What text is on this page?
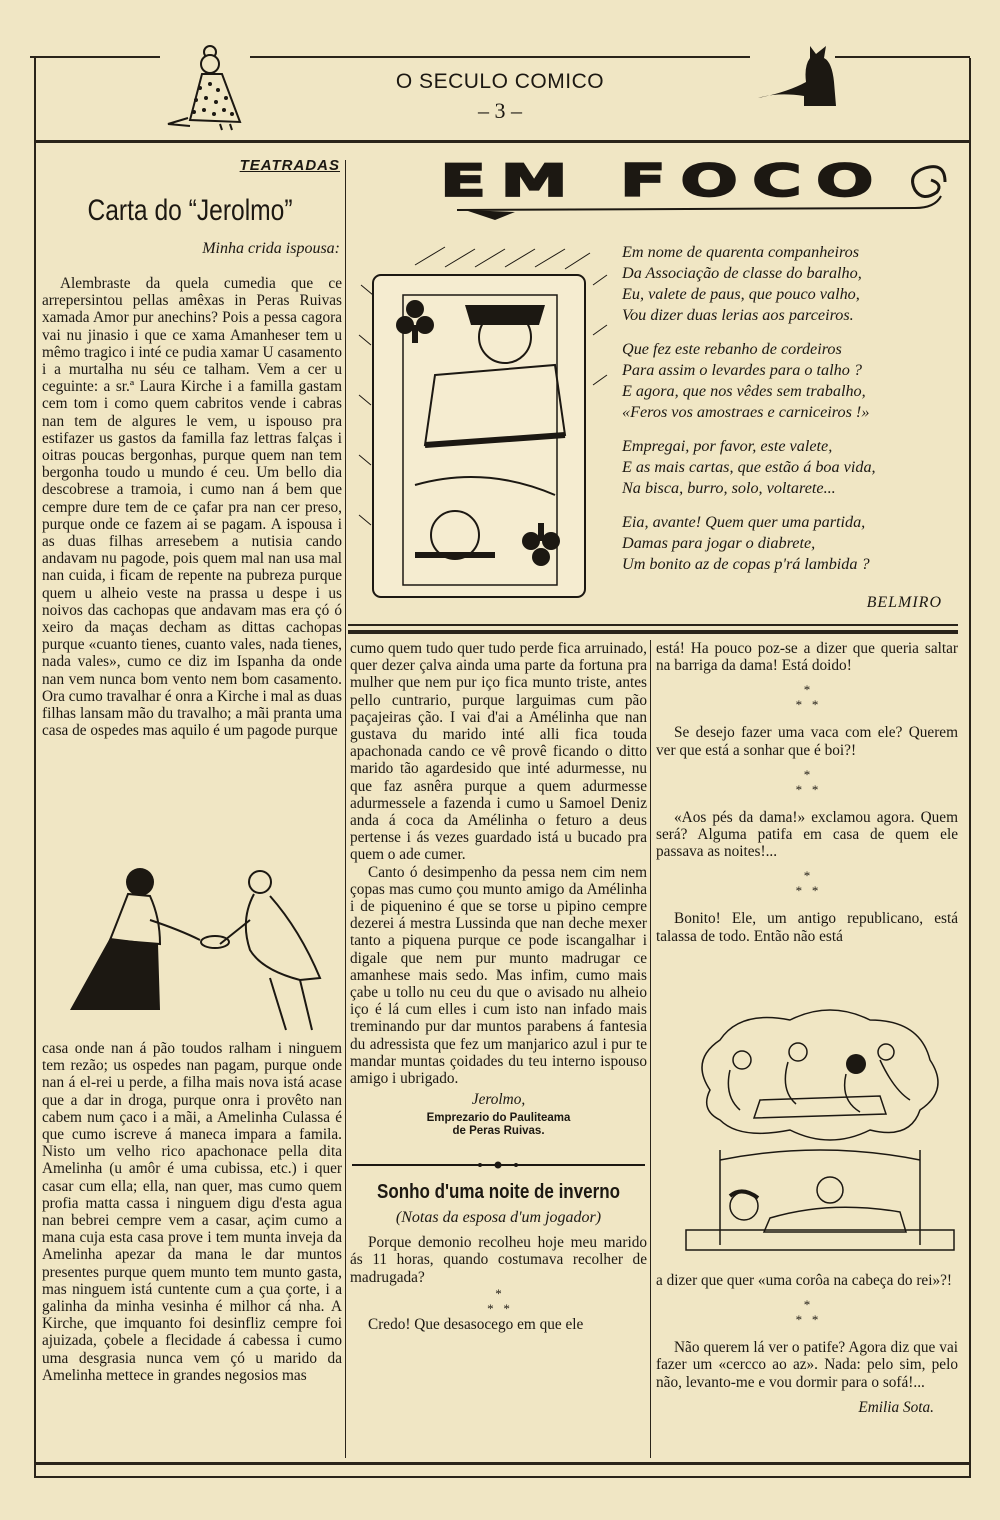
O SECULO COMICO
– 3 –
TEATRADAS
Carta do “Jerolmo”
Minha crida ispousa:

Alembraste da quela cumedia que ce arrepersintou pellas amêxas in Peras Ruivas xamada Amor pur anechins? Pois a pessa cagora vai nu jinasio i que ce xama Amanheser tem u mêmo tragico i inté ce pudia xamar U casamento i a murtalha nu séu ce talham. Vem a cer u ceguinte: a sr.ª Laura Kirche i a familla gastam cem tom i como quem cabritos vende i cabras nan tem de algures le vem, u ispouso pra estifazer us gastos da familla faz lettras falças i oitras poucas bergonhas, purque quem nan tem bergonha toudo u mundo é ceu. Um bello dia descobrese a tramoia, i cumo nan á bem que cempre dure tem de ce çafar pra nan cer preso, purque onde ce fazem ai se pagam. A ispousa i as duas filhas arresebem a nutisia cando andavam nu pagode, pois quem mal nan usa mal nan cuida, i ficam de repente na pubreza purque quem u alheio veste na prassa u despe i us noivos das cachopas que andavam mas era çó ó xeiro da maças decham as dittas cachopas purque «cuanto tienes, cuanto vales, nada tienes, nada vales», cumo ce diz im Ispanha da onde nan vem nunca bom vento nem bom casamento. Ora cumo travalhar é onra a Kirche i mal as duas filhas lansam mão du travalho; a mãi pranta uma casa de ospedes mas aquilo é um pagode purque

casa onde nan á pão toudos ralham i ninguem tem rezão; us ospedes nan pagam, purque onde nan á el-rei u perde, a filha mais nova istá acase que a dar in droga, purque onra i provêto nan cabem num çaco i a mãi, a Amelinha Culassa é que cumo iscreve á maneca impara a famila. Nisto um velho rico apachonace pella dita Amelinha (u amôr é uma cubissa, etc.) i quer casar cum ella; ella, nan quer, mas cumo quem profia matta cassa i ninguem digu d'esta agua nan bebrei cempre vem a casar, açim cumo a mana cuja esta casa prove i tem munta inveja da Amelinha apezar da mana le dar muntos presentes purque quem munto tem munto gasta, mas ninguem istá cuntente cum a çua çorte, i a galinha da minha vesinha é milhor cá nha. A Kirche, que imquanto foi desinfliz cempre foi ajuizada, çobele a flecidade á cabessa i cumo uma desgrasia nunca vem çó u marido da Amelinha mettece in grandes negosios mas

EM FOCO
Em nome de quarenta companheiros
Da Associação de classe do baralho,
Eu, valete de paus, que pouco valho,
Vou dizer duas lerias aos parceiros.
Que fez este rebanho de cordeiros
Para assim o levardes para o talho ?
E agora, que nos vêdes sem trabalho,
«Feros vos amostraes e carniceiros !»
Empregai, por favor, este valete,
E as mais cartas, que estão á boa vida,
Na bisca, burro, solo, voltarete...
Eia, avante! Quem quer uma partida,
Damas para jogar o diabrete,
Um bonito az de copas p'rá lambida ?
BELMIRO

cumo quem tudo quer tudo perde fica arruinado, quer dezer çalva ainda uma parte da fortuna pra mulher que nem pur iço fica munto triste, antes pello cuntrario, purque larguimas cum pão paçajeiras ção. I vai d'ai a Amélinha que nan gustava du marido inté alli fica touda apachonada cando ce vê provê ficando o ditto marido tão agardesido que inté adurmesse, nu que faz asnêra purque a quem adurmesse adurmessele a fazenda i cumo u Samoel Deniz anda á coca da Amélinha o feturo a deus pertense i ás vezes guardado istá u bucado pra quem o ade cumer.

Canto ó desimpenho da pessa nem cim nem çopas mas cumo çou munto amigo da Amélinha i de piquenino é que se torse u pipino cempre dezerei á mestra Lussinda que nan deche mexer tanto a piquena purque ce pode iscangalhar i digale que nem pur munto madrugar ce amanhese mais sedo. Mas infim, cumo mais çabe u tollo nu ceu du que o avisado nu alheio iço é lá cum elles i cum isto nan infado mais treminando pur dar muntos parabens á fantesia du adressista que fez um manjarico azul i pur te mandar muntas çoidades du teu interno ispouso amigo i ubrigado.

Jerolmo,
Emprezario do Pauliteama
de Peras Ruivas.
Sonho d'uma noite de inverno
(Notas da esposa d'um jogador)

Porque demonio recolheu hoje meu marido ás 11 horas, quando costumava recolher de madrugada?

*
*   *

Credo! Que desasocego em que ele

está! Ha pouco poz-se a dizer que queria saltar na barriga da dama! Está doido!

*
*   *

Se desejo fazer uma vaca com ele? Querem ver que está a sonhar que é boi?!

*
*   *

«Aos pés da dama!» exclamou agora. Quem será? Alguma patifa em casa de quem ele passava as noites!...

*
*   *

Bonito! Ele, um antigo republicano, está talassa de todo. Então não está

a dizer que quer «uma corôa na cabeça do rei»?!

*
*   *

Não querem lá ver o patife? Agora diz que vai fazer um «cercco ao az». Nada: pelo sim, pelo não, levanto-me e vou dormir para o sofá!...

Emilia Sota.
